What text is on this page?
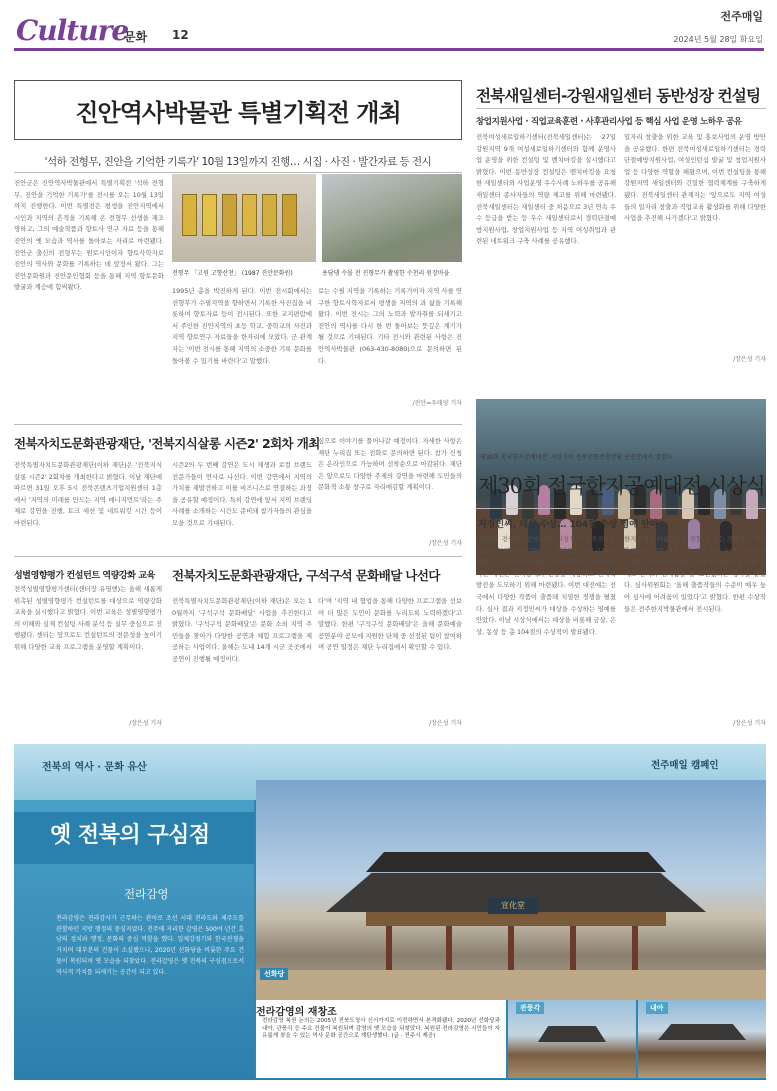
Culture
문화 12
전주매일
2024년 5월 28일 화요일
진안역사박물관 특별기획전 개최
'석하 전형무, 진안을 기억한 기록가' 10월 13일까지 진행… 시집 · 사진 · 발간자료 등 전시
진안군은 진안역사박물관에서 특별기획전 '석하 전형무, 진안을 기억한 기록가'를 전시를 오는 10월 13일까지 진행한다. 이번 특별전은 평생을 진안지역에서 시인과 지역의 흔적을 기록해 온 전형무 선생을 재조명하고, 그의 예술작품과 향토사 연구 자료 등을 통해 진안의 옛 모습과 역사를 돌아보는 자리로 마련됐다. 진안군 출신의 전형무는 원로시인이자 향토사학자로 진안의 역사와 문화를 기록하는 데 앞장서 왔다. 그는 진안문화원과 진안문인협회 등을 통해 지역 향토문화 발굴과 계승에 힘써왔다.
전형무 「고원 고향산천」 (1987 진안문화원)	용담댐 수몰 전 진형무가 촬영한 수천리 원장마을
1995년 총을 박진하게 된다. 이번 전시회에서는 전형무가 수필지역을 향하면서 기록한 사진집을 비롯하여 향토자료 등이 전시된다. 또한 교지편람에서 주인한 진안지역의 초등 학교, 중학교의 사진과 지역 향토연구 자료들을 한자리에 모았다. 군 관계자는 '이번 전시를 통해 지역의 소중한 기록 문화를 돌아볼 수 있기를 바란다'고 말했다.
로는 수필 지역을 기록하는 기록가이자 지역 사를 연구한 향토사학자로서 평생을 지역의 과 삶을 기록해 왔다. 이번 전시는 그의 노력과 발자취를 되새기고 진안의 역사를 다시 한 번 돌아보는 뜻깊은 계기가 될 것으로 기대된다. 기타 전시와 관련된 사항은 진안역사박물관 (063-430-8080)으로 문의하면 된다.
/진안=우태양 기자
전북새일센터-강원새일센터 동반성장 컨설팅
창업지원사업 · 직업교육훈련 · 사후관리사업 등 핵심 사업 운영 노하우 공유
전북여성새로일하기센터(전북새일센터)는 27일 강원지역 9개 여성새로일하기센터와 함께 운영사업 운영을 위한 컨설팅 및 벤치마킹을 실시했다고 밝혔다. 이번 동반성장 컨설팅은 벤치마킹을 요청한 새일센터와 사업운영 우수사례 노하우를 공유해 새일센터 종사자들의 역량 제고를 위해 마련됐다. 전북새일센터는 새일센터 중 처음으로 3년 연속 우수 등급을 받는 등 우수 새일센터로서 경력단절예방지원사업, 창업지원사업 등 지역 여성취업과 관련된 네트워크 구축 사례를 공유했다.
일자리 창출을 위한 교육 및 홍보사업의 운영 방안을 공유했다. 한편 전북여성새로일하기센터는 경력단절예방지원사업, 여성인턴십 발굴 및 창업지원사업 등 다양한 역할을 해왔으며, 이번 컨설팅을 통해 강원지역 새일센터와 긴밀한 협력체계를 구축하게 됐다. 전북새일센터 관계자는 '앞으로도 지역 여성들의 일자리 창출과 직업교육 활성화를 위해 다양한 사업을 추진해 나가겠다'고 밝혔다.
/장은성 기자
'제30회 전국한지공예대전' 시상식이 전북전통종합전당 공연장에서 열렸다.
제30회 전국한지공예대전 시상식
지정민씨, 대상 수상… 104점 수상 영예 안아
'제30회 전국한지공예대전' 시상식이 전북전통종합전당 공연장에서 열렸다. 전북도와 전주시가 주최하고 전주한지공예대전 운영위원회가 주관하는 이번 대전은 한지공예의 전통을 계승하고 현대적 발전을 도모하기 위해 마련됐다. 이번 대전에는 전국에서 다양한 작품이 출품돼 치열한 경쟁을 펼쳤다. 심사 결과 지정민씨가 대상을 수상하는 영예를 안았다. 이날 시상식에서는 대상을 비롯해 금상, 은상, 동상 등 총 104점의 수상작이 발표됐다.
한지공예의 아름다움을 전할 수 있는 작품들이 대거 출품되며 이번 대전의 수준을 한층 높였다. 대상을 수상한 지정민씨 작품은 '전통과 현대의 조화'를 주제로 한지의 섬세함을 잘 표현했다는 평가를 받았다. 심사위원회는 '올해 출품작들의 수준이 매우 높아 심사에 어려움이 있었다'고 밝혔다. 한편 수상작들은 전주한지박물관에서 전시된다.
/장은성 기자
전북자치도문화관광재단, '전북지식살롱 시즌2' 2회차 개최
전북특별자치도문화관광재단(이하 재단)은 '전북지식살롱 시즌2' 2회차를 개최한다고 밝혔다. 이날 재단에 따르면 31일 오후 5시 전북콘텐츠기업지원센터 1층에서 '지역의 미래를 만드는 지역 매니지먼트'라는 주제로 강연을 진행, 토크 세션 및 네트워킹 시간 등이 마련된다.
시즌2의 두 번째 강연은 도시 재생과 로컬 브랜드 전문가들이 연사로 나선다. 이번 강연에서 지역의 가치를 재발견하고 이를 비즈니스로 연결하는 과정을 공유할 예정이다. 특히 강연에 앞서 지역 브랜딩 사례를 소개하는 시간도 준비돼 참가자들의 관심을 모을 것으로 기대된다.
심으로 이야기를 풀어나갈 예정이다. 자세한 사항은 재단 누리집 또는 전화로 문의하면 된다. 참가 신청은 온라인으로 가능하며 선착순으로 마감된다. 재단은 앞으로도 다양한 주제의 강연을 마련해 도민들의 문화적 소통 창구로 자리매김할 계획이다.
/장은성 기자
성별영향평가 컨설턴트 역량강화 교육
전북성별영향평가센터(센터장 유영엔)는 올해 새롭게 위촉된 성별영향평가 컨설턴트를 대상으로 역량강화 교육을 실시했다고 밝혔다. 이번 교육은 성별영향평가의 이해와 실제 컨설팅 사례 분석 등 실무 중심으로 진행됐다. 센터는 앞으로도 컨설턴트의 전문성을 높이기 위해 다양한 교육 프로그램을 운영할 계획이다.
/장은성 기자
전북자치도문화관광재단, 구석구석 문화배달 나선다
전북특별자치도문화관광재단(이하 재단)은 오는 10월까지 '구석구석 문화배달' 사업을 추진한다고 밝혔다. '구석구석 문화배달'은 문화 소외 지역 주민들을 찾아가 다양한 공연과 체험 프로그램을 제공하는 사업이다. 올해는 도내 14개 시군 곳곳에서 공연이 진행될 예정이다.
다'며 '지역 내 협업을 통해 다양한 프로그램을 선보여 더 많은 도민이 문화를 누리도록 노력하겠다'고 말했다. 한편 '구석구석 문화배달'은 올해 문화예술 공연분야 공모에 지원한 단체 중 선정된 팀이 참여하며 공연 일정은 재단 누리집에서 확인할 수 있다.
/장은성 기자
전북의 역사 · 문화 유산	전주매일 캠페인
옛 전북의 구심점
전라감영
전라감영은 전라감사가 근무하는 관아로 조선 시대 전라도와 제주도를 관할하던 지방 행정의 중심지였다. 전주에 자리한 감영은 500여 년간 호남의 정치와 행정, 문화의 중심 역할을 했다. 일제강점기와 한국전쟁을 거치며 대부분의 건물이 소실됐으나, 2020년 선화당을 비롯한 주요 건물이 복원되며 옛 모습을 되찾았다. 전라감영은 옛 전북의 구심점으로서 역사적 가치를 되새기는 공간이 되고 있다.
宣化堂
선화당
전라감영의 재창조
전라감영 복원 논의는 2005년 전북도청사 신시가지로 이전하면서 본격화됐다. 2020년 선화당과 내아, 관풍각 등 주요 건물이 복원되며 감영의 옛 모습을 되찾았다. 복원된 전라감영은 시민들이 자유롭게 찾을 수 있는 역사 문화 공간으로 재탄생했다. (글 · 전주시 제공)
관풍각	내아
